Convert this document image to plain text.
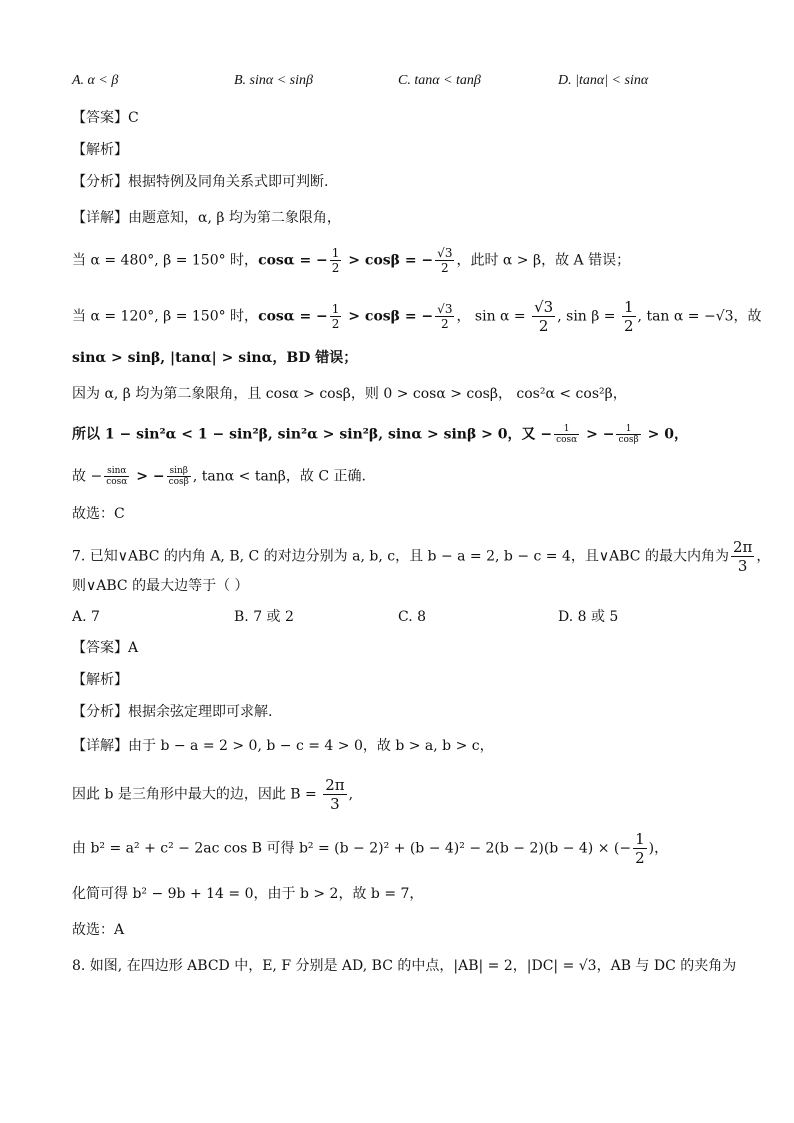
A. α < β	B. sinα < sinβ	C. tanα < tanβ	D. |tanα| < sinα
【答案】C
【解析】
【分析】根据特例及同角关系式即可判断.
【详解】由题意知，α, β 均为第二象限角，
当 α = 480°, β = 150° 时，cosα = − $\frac{1}{2} > \cos\beta$ = − $\frac{√3}{2}$ ，此时 α > β，故 A 错误；
当 α = 120°, β = 150° 时，cosα = − $\frac{1}{2} > \cos\beta$ = − $\frac{√3}{2}$ ， $\sin \alpha = \frac{√3}{2}$ , $\sin \beta = \frac{1}{2}$ , tan α = −√3，故
sinα > sinβ, |tanα| > sinα，BD 错误；
因为 α, β 均为第二象限角，且 cosα > cosβ，则 0 > cosα > cosβ， cos²α < cos²β，
所以 1 − sin²α < 1 − sin²β, sin²α > sin²β, sinα > sinβ > 0，又 − $\frac{1}{\cos\alpha}$ > − $\frac{1}{\cos\beta} > 0$，
故 − $\frac{\sin\alpha}{\cos\alpha}$ > − $\frac{\sin\beta}{\cos\beta}$ , tanα < tanβ，故 C 正确.
故选：C
7. 已知∨ABC 的内角 A, B, C 的对边分别为 a, b, c，且 b − a = 2, b − c = 4，且∨ABC 的最大内角为 $\frac{2\pi}{3}$ ，
则∨ABC 的最大边等于（ ）
A. 7	B. 7 或 2	C. 8	D. 8 或 5
【答案】A
【解析】
【分析】根据余弦定理即可求解.
【详解】由于 b − a = 2 > 0, b − c = 4 > 0，故 b > a, b > c，
因此 b 是三角形中最大的边，因此 $B = \frac{2\pi}{3}$ ,
由 b² = a² + c² − 2ac cos B 可得 b² = (b − 2)² + (b − 4)² − 2(b − 2)(b − 4) × (− $\frac{1}{2}$ )，
化简可得 b² − 9b + 14 = 0，由于 b > 2，故 b = 7，
故选：A
8. 如图, 在四边形 ABCD 中，E, F 分别是 AD, BC 的中点，|AB| = 2，|DC| = √3，AB 与 DC 的夹角为
